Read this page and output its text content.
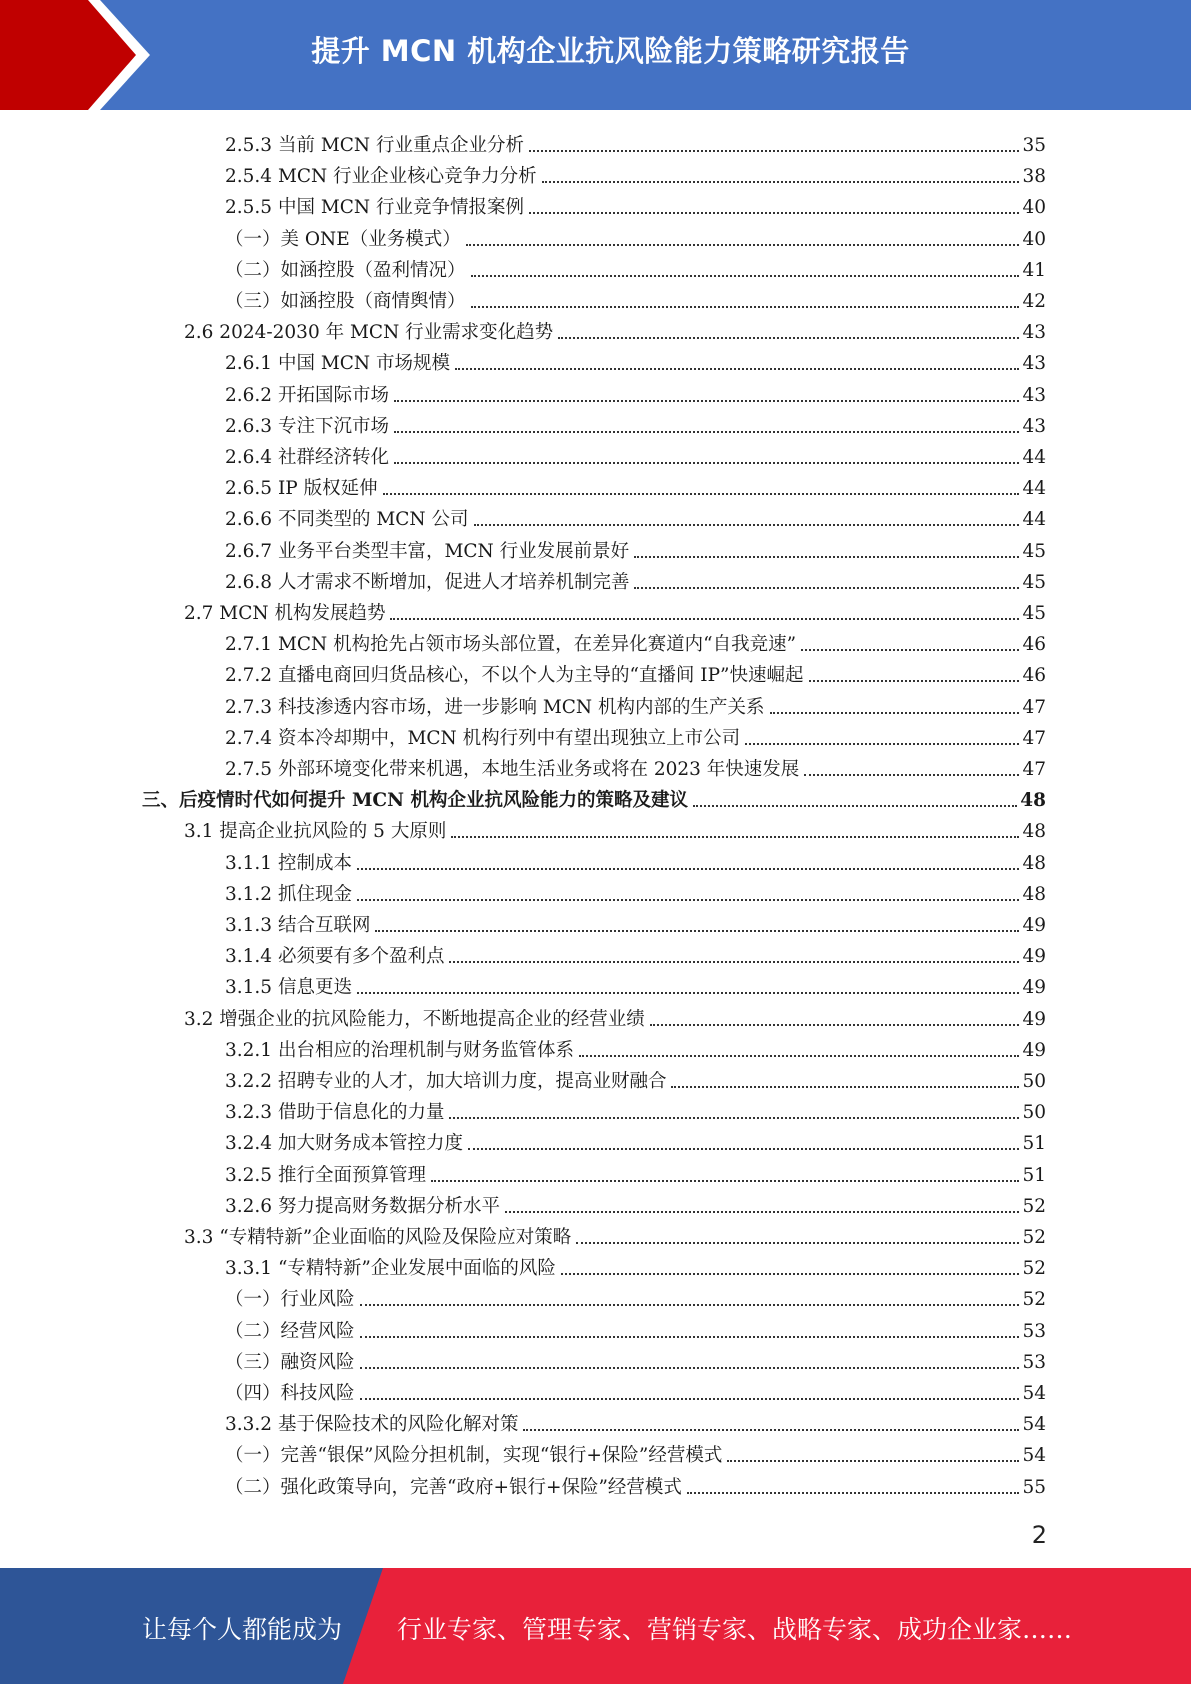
提升 MCN 机构企业抗风险能力策略研究报告
2.5.3 当前 MCN 行业重点企业分析	35
2.5.4 MCN 行业企业核心竞争力分析	38
2.5.5 中国 MCN 行业竞争情报案例	40
（一）美 ONE（业务模式）	40
（二）如涵控股（盈利情况）	41
（三）如涵控股（商情舆情）	42
2.6 2024-2030 年 MCN 行业需求变化趋势	43
2.6.1 中国 MCN 市场规模	43
2.6.2 开拓国际市场	43
2.6.3 专注下沉市场	43
2.6.4 社群经济转化	44
2.6.5 IP 版权延伸	44
2.6.6 不同类型的 MCN 公司	44
2.6.7 业务平台类型丰富，MCN 行业发展前景好	45
2.6.8 人才需求不断增加，促进人才培养机制完善	45
2.7 MCN 机构发展趋势	45
2.7.1 MCN 机构抢先占领市场头部位置，在差异化赛道内“自我竞速”	46
2.7.2 直播电商回归货品核心，不以个人为主导的“直播间 IP”快速崛起	46
2.7.3 科技渗透内容市场，进一步影响 MCN 机构内部的生产关系	47
2.7.4 资本冷却期中，MCN 机构行列中有望出现独立上市公司	47
2.7.5 外部环境变化带来机遇，本地生活业务或将在 2023 年快速发展	47
三、后疫情时代如何提升 MCN 机构企业抗风险能力的策略及建议	48
3.1 提高企业抗风险的 5 大原则	48
3.1.1 控制成本	48
3.1.2 抓住现金	48
3.1.3 结合互联网	49
3.1.4 必须要有多个盈利点	49
3.1.5 信息更迭	49
3.2 增强企业的抗风险能力，不断地提高企业的经营业绩	49
3.2.1 出台相应的治理机制与财务监管体系	49
3.2.2 招聘专业的人才，加大培训力度，提高业财融合	50
3.2.3 借助于信息化的力量	50
3.2.4 加大财务成本管控力度	51
3.2.5 推行全面预算管理	51
3.2.6 努力提高财务数据分析水平	52
3.3 “专精特新”企业面临的风险及保险应对策略	52
3.3.1 “专精特新”企业发展中面临的风险	52
（一）行业风险	52
（二）经营风险	53
（三）融资风险	53
（四）科技风险	54
3.3.2 基于保险技术的风险化解对策	54
（一）完善“银保”风险分担机制，实现“银行+保险”经营模式	54
（二）强化政策导向，完善“政府+银行+保险”经营模式	55
2
让每个人都能成为 行业专家、管理专家、营销专家、战略专家、成功企业家……
